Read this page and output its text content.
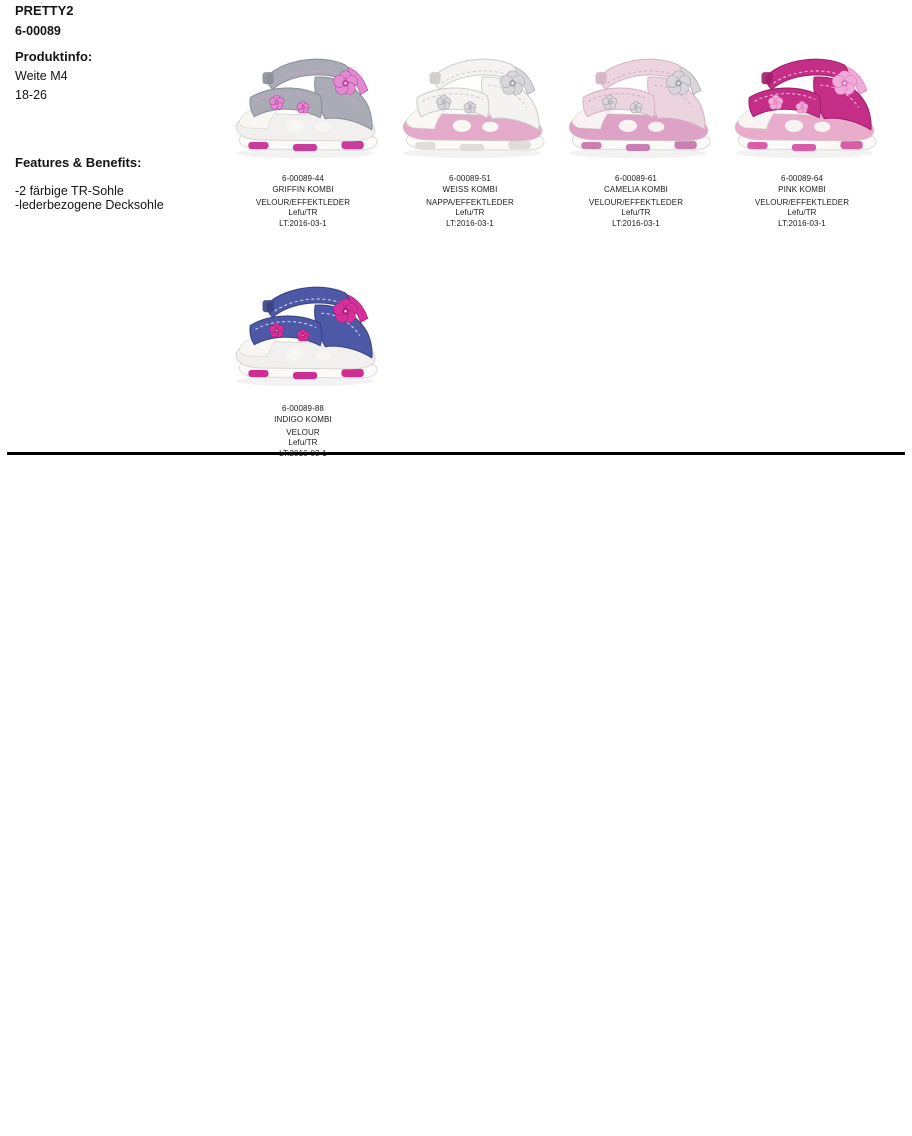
PRETTY2
6-00089
Produktinfo:
Weite M4
18-26
Features & Benefits:
-2 färbige TR-Sohle
-lederbezogene Decksohle
6-00089-44
GRIFFIN KOMBI
VELOUR/EFFEKTLEDER
Lefu/TR
LT:2016-03-1
6-00089-51
WEISS KOMBI
NAPPA/EFFEKTLEDER
Lefu/TR
LT:2016-03-1
6-00089-61
CAMELIA KOMBI
VELOUR/EFFEKTLEDER
Lefu/TR
LT:2016-03-1
6-00089-64
PINK KOMBI
VELOUR/EFFEKTLEDER
Lefu/TR
LT:2016-03-1
6-00089-88
INDIGO KOMBI
VELOUR
Lefu/TR
